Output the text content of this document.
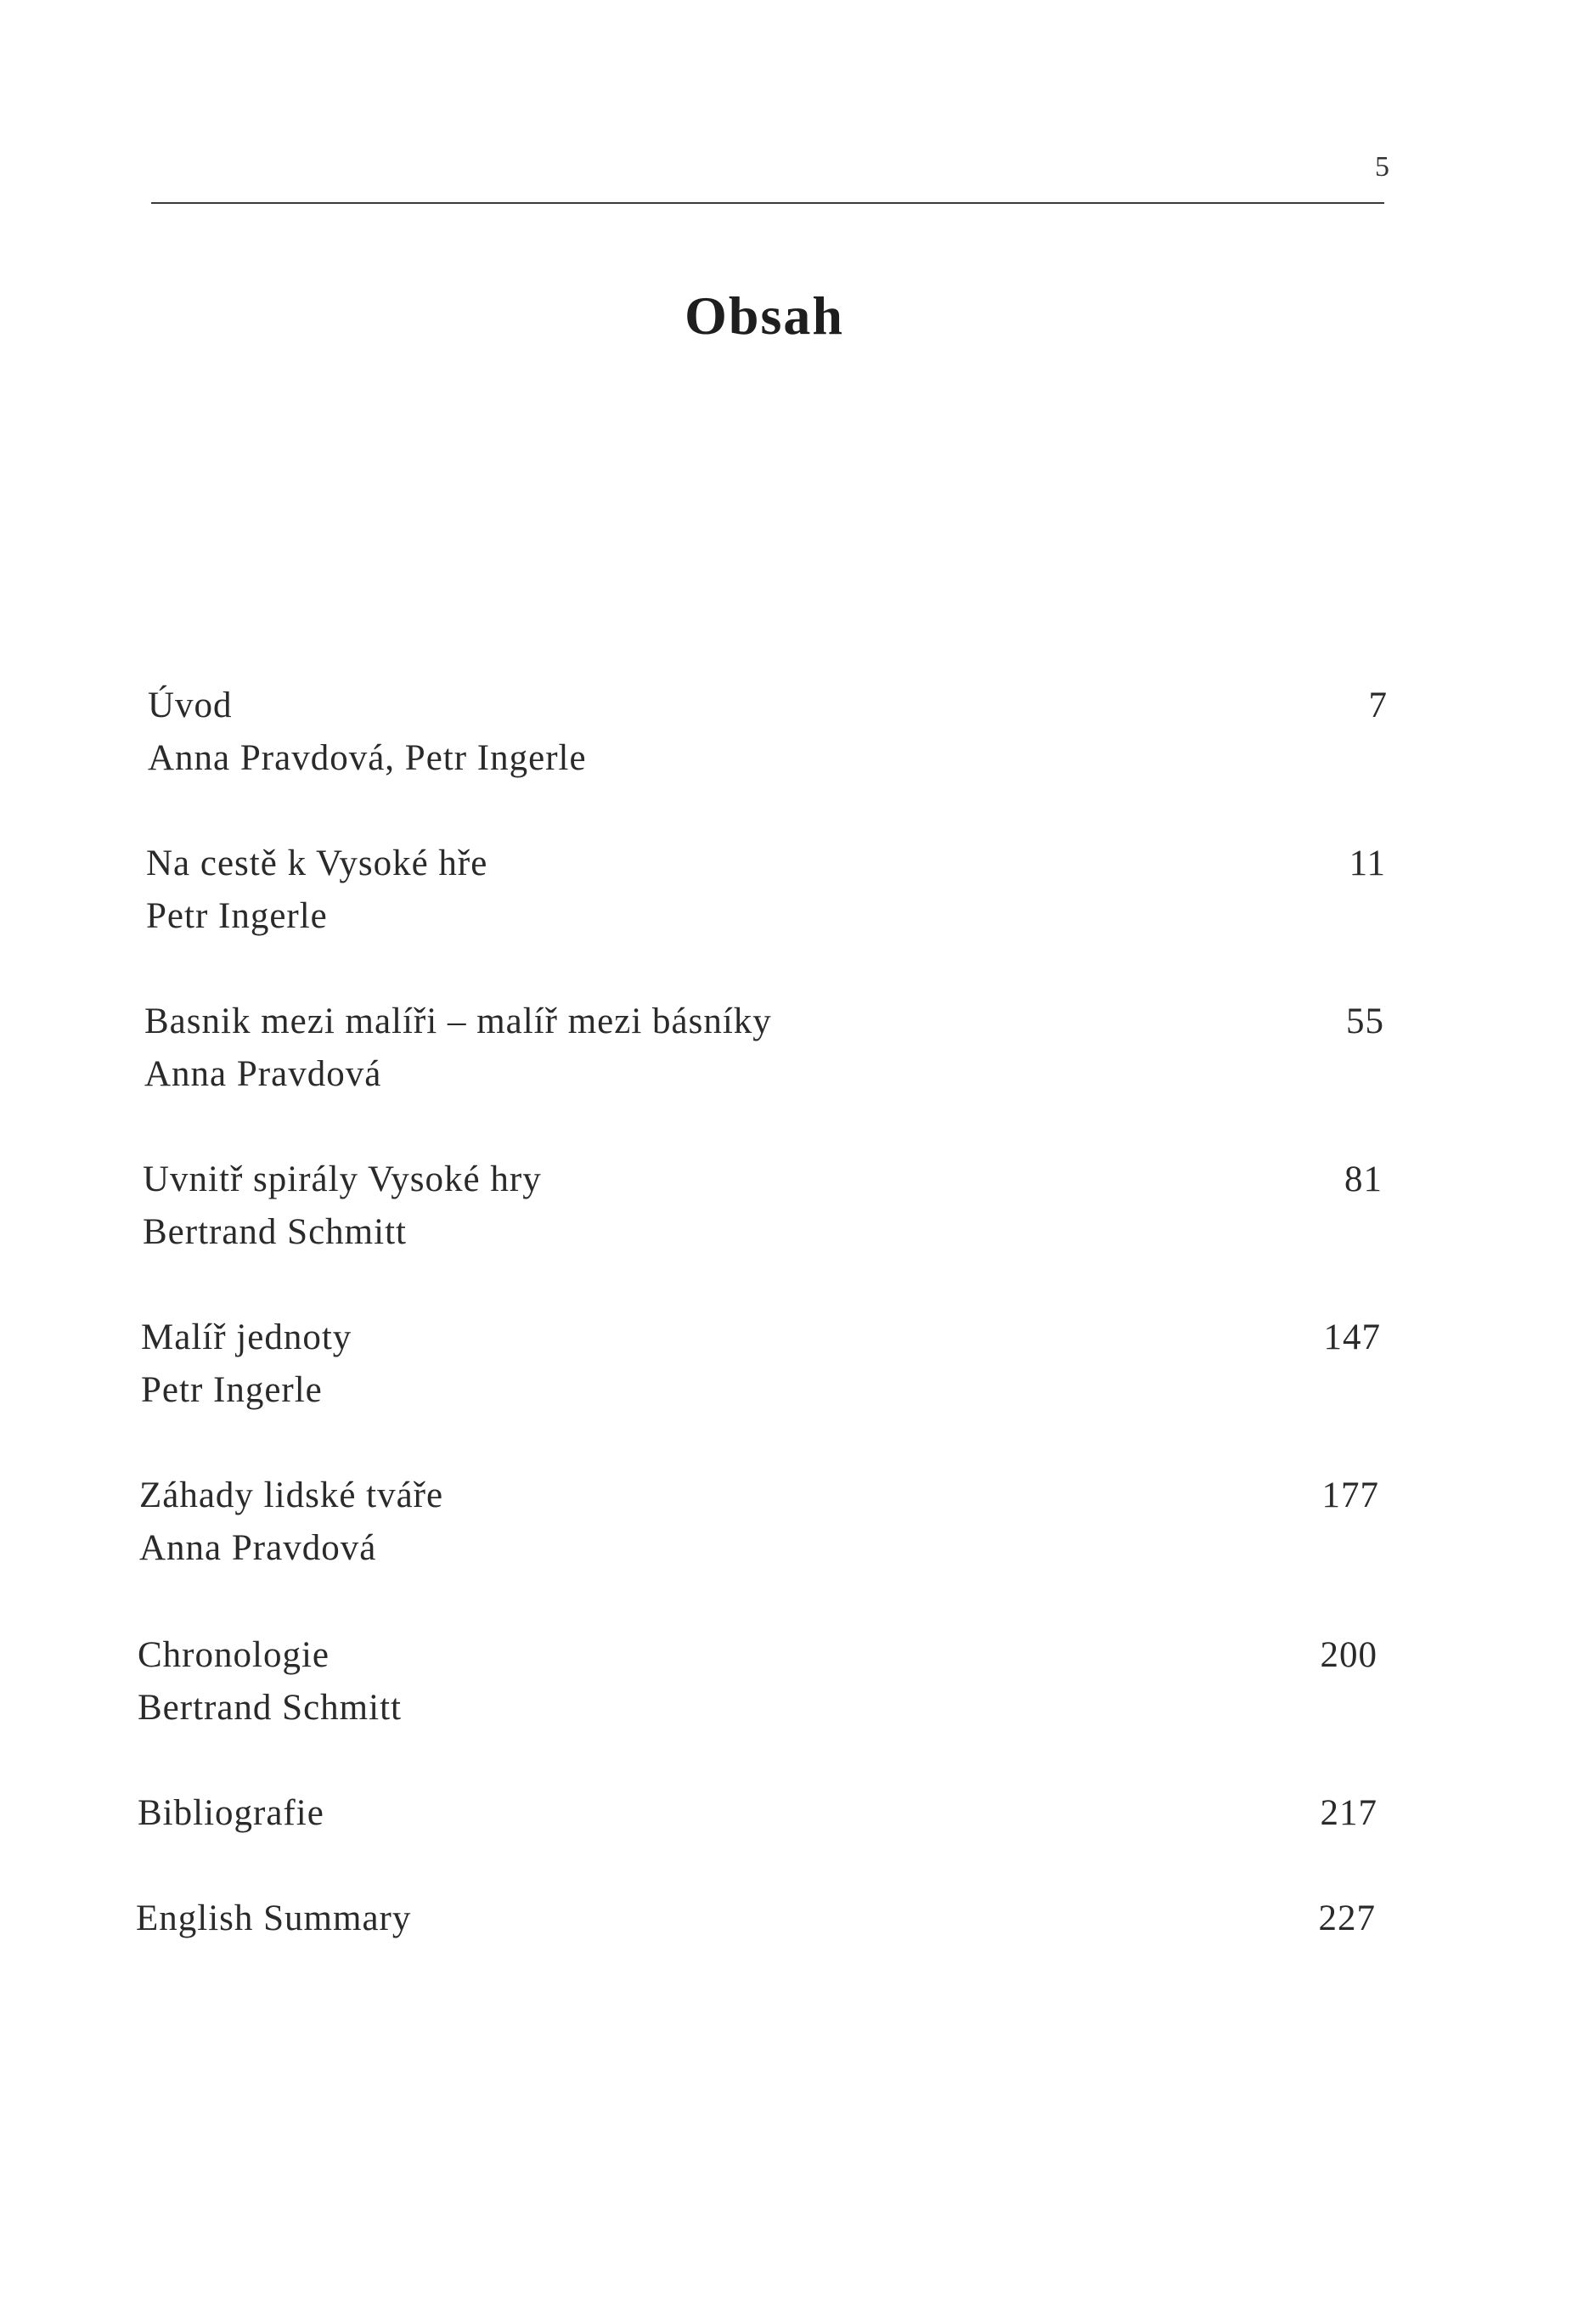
5
Obsah
Úvod
Anna Pravdová, Petr Ingerle
7
Na cestě k Vysoké hře
Petr Ingerle
11
Basnik mezi malíři – malíř mezi básníky
Anna Pravdová
55
Uvnitř spirály Vysoké hry
Bertrand Schmitt
81
Malíř jednoty
Petr Ingerle
147
Záhady lidské tváře
Anna Pravdová
177
Chronologie
Bertrand Schmitt
200
Bibliografie	217
English Summary	227
